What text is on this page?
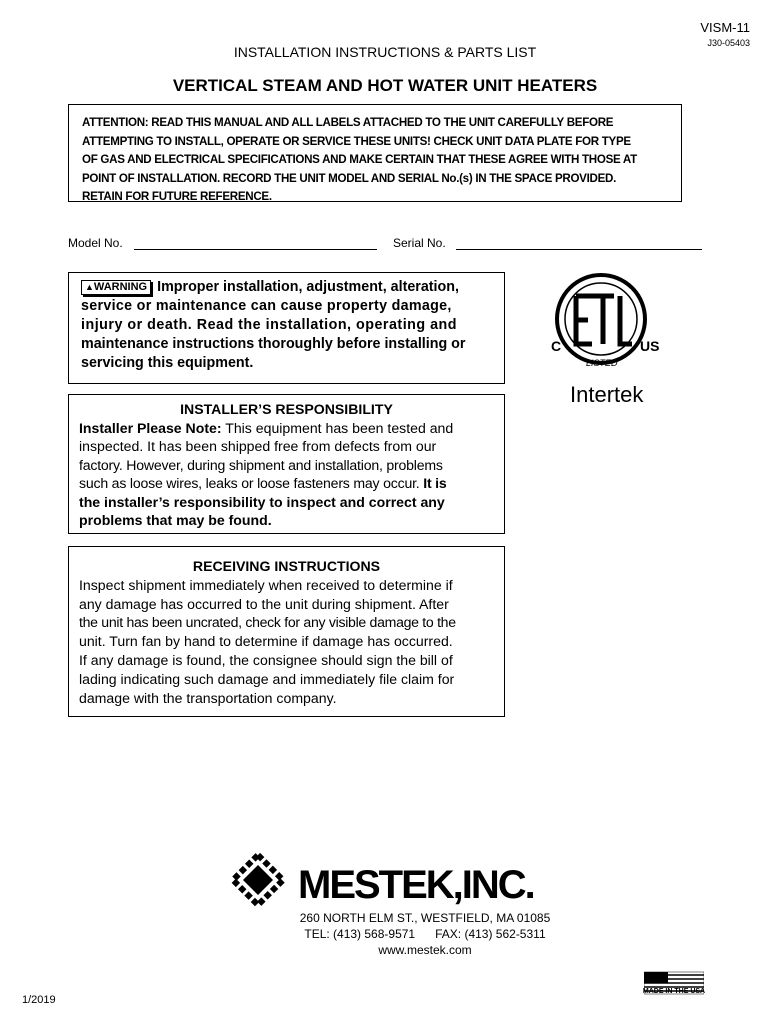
VISM-11
J30-05403
INSTALLATION INSTRUCTIONS & PARTS LIST
VERTICAL STEAM AND HOT WATER UNIT HEATERS
ATTENTION: READ THIS MANUAL AND ALL LABELS ATTACHED TO THE UNIT CAREFULLY BEFORE
ATTEMPTING TO INSTALL, OPERATE OR SERVICE THESE UNITS! CHECK UNIT DATA PLATE FOR TYPE
OF GAS AND ELECTRICAL SPECIFICATIONS AND MAKE CERTAIN THAT THESE AGREE WITH THOSE AT
POINT OF INSTALLATION. RECORD THE UNIT MODEL AND SERIAL No.(s) IN THE SPACE PROVIDED.
RETAIN FOR FUTURE REFERENCE.
Model No.	Serial No.
▲WARNING Improper installation, adjustment, alteration,
service or maintenance can cause property damage,
injury or death. Read the installation, operating and
maintenance instructions thoroughly before installing or
servicing this equipment.
INSTALLER’S RESPONSIBILITY
Installer Please Note: This equipment has been tested and
inspected. It has been shipped free from defects from our
factory. However, during shipment and installation, problems
such as loose wires, leaks or loose fasteners may occur. It is
the installer’s responsibility to inspect and correct any
problems that may be found.
RECEIVING INSTRUCTIONS
Inspect shipment immediately when received to determine if
any damage has occurred to the unit during shipment. After
the unit has been uncrated, check for any visible damage to the
unit. Turn fan by hand to determine if damage has occurred.
If any damage is found, the consignee should sign the bill of
lading indicating such damage and immediately file claim for
damage with the transportation company.
C	US
LISTED
Intertek
MESTEK,INC.
260 NORTH ELM ST., WESTFIELD, MA 01085
TEL: (413) 568-9571      FAX: (413) 562-5311
www.mestek.com
1/2019
MADE IN THE USA
